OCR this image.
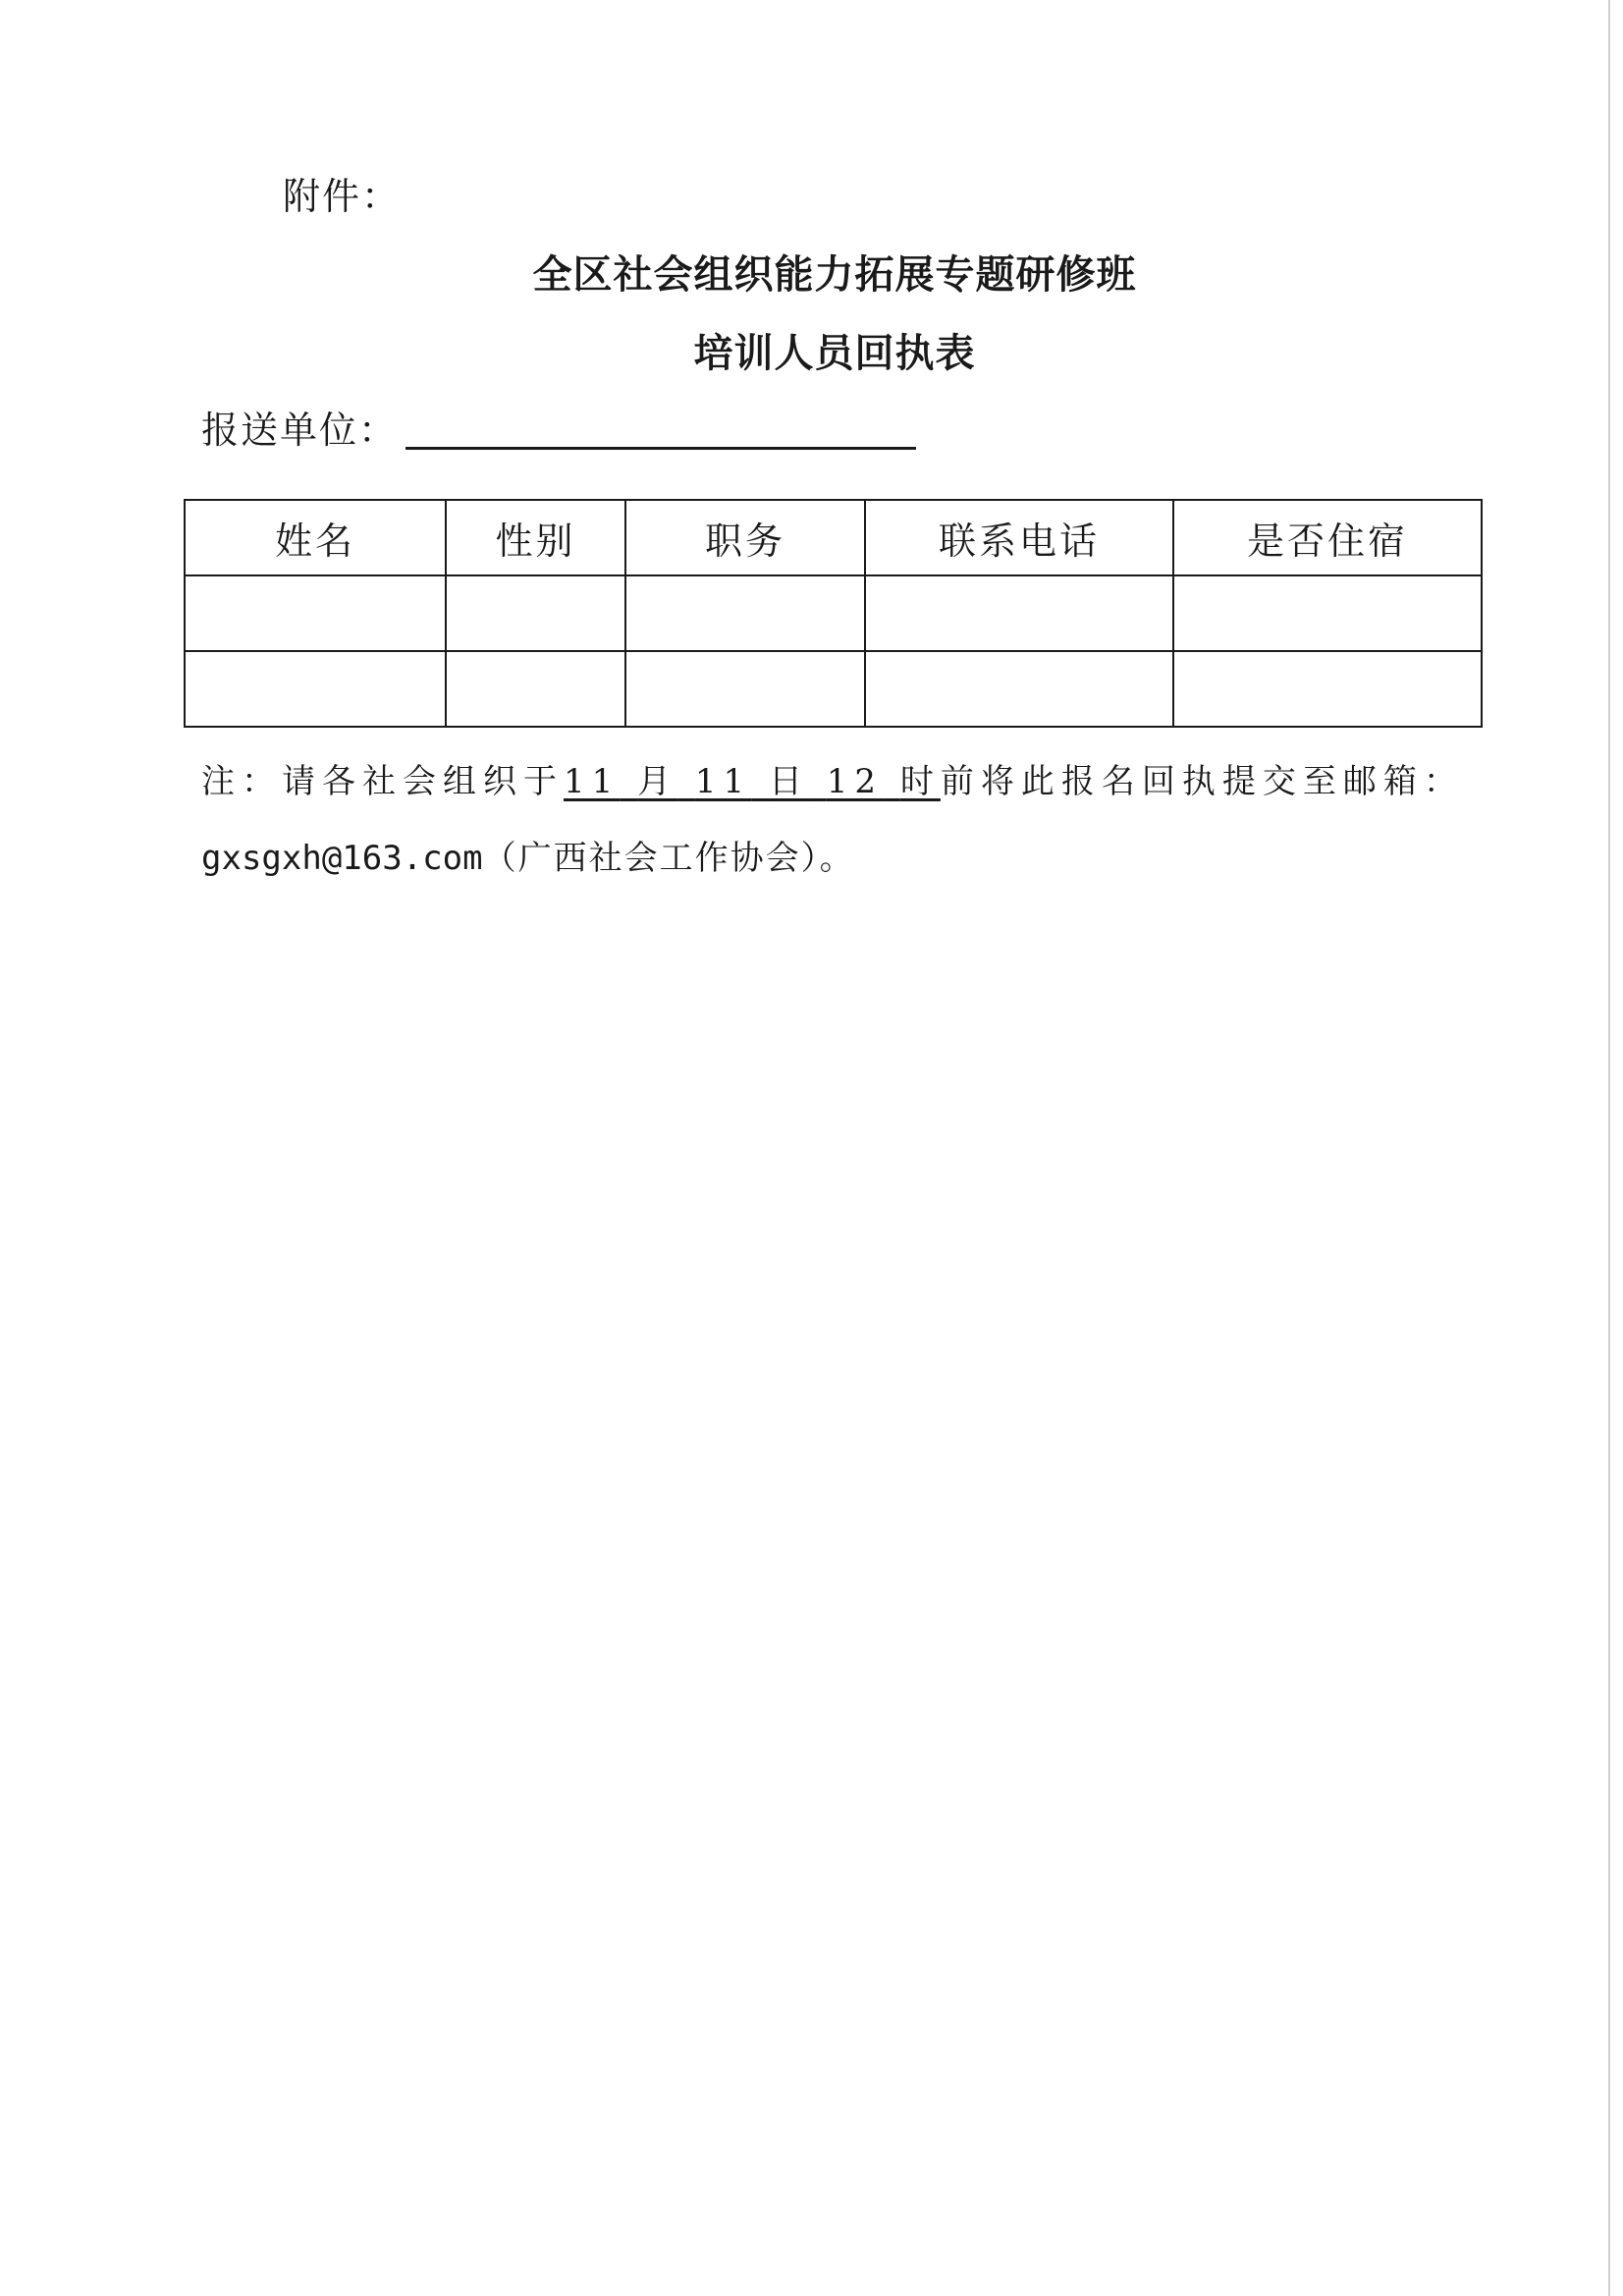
附件：
全区社会组织能力拓展专题研修班
培训人员回执表
报送单位：
姓名	性别	职务	联系电话	是否住宿

注：请各社会组织于11 月 11 日 12 时前将此报名回执提交至邮箱：
gxsgxh@163.com（广西社会工作协会）。
